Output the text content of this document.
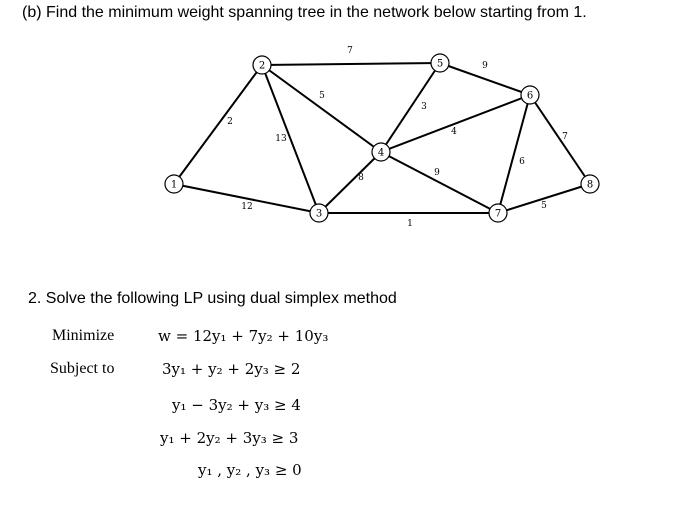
(b) Find the minimum weight spanning tree in the network below starting from 1.
2
12
13
5
7
8
1
3
4
9
9
6
7
5
1
2
3
4
5
6
7
8
2. Solve the following LP using dual simplex method
Minimize	w = 12y₁ + 7y₂ + 10y₃
Subject to	3y₁ + y₂ + 2y₃ ≥ 2
y₁ − 3y₂ + y₃ ≥ 4
y₁ + 2y₂ + 3y₃ ≥ 3
y₁ , y₂ , y₃ ≥ 0
